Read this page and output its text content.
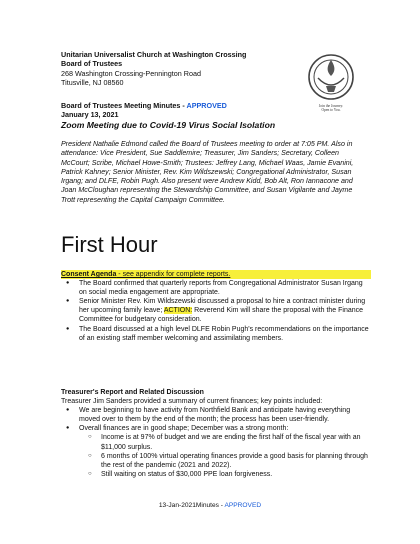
Unitarian Universalist Church at Washington Crossing
Board of Trustees
268 Washington Crossing-Pennington Road
Titusville, NJ 08560
Join the Journey.
Open to You.
Board of Trustees Meeting Minutes - APPROVED
January 13, 2021
Zoom Meeting due to Covid-19 Virus Social Isolation
President Nathalie Edmond called the Board of Trustees meeting to order at 7:05 PM. Also in attendance: Vice President, Sue Saddlemire; Treasurer, Jim Sanders; Secretary, Colleen McCourt; Scribe, Michael Howe-Smith; Trustees: Jeffrey Lang, Michael Waas, Jamie Evanini, Patrick Kahney; Senior Minister, Rev. Kim Wildszewski; Congregational Administrator, Susan Irgang; and DLFE, Robin Pugh. Also present were Andrew Kidd, Bob Alt, Ron Iannacone and Joan McCloughan representing the Stewardship Committee, and Susan Vigilante and Jayme Trott representing the Capital Campaign Committee.
First Hour
Consent Agenda - see appendix for complete reports.
● The Board confirmed that quarterly reports from Congregational Administrator Susan Irgang on social media engagement are appropriate.
● Senior Minister Rev. Kim Wildszewski discussed a proposal to hire a contract minister during her upcoming family leave; ACTION: Reverend Kim will share the proposal with the Finance Committee for budgetary consideration.
● The Board discussed at a high level DLFE Robin Pugh's recommendations on the importance of an existing staff member welcoming and assimilating members.
Treasurer's Report and Related Discussion
Treasurer Jim Sanders provided a summary of current finances; key points included:
● We are beginning to have activity from Northfield Bank and anticipate having everything moved over to them by the end of the month; the process has been user-friendly.
● Overall finances are in good shape; December was a strong month:
○ Income is at 97% of budget and we are ending the first half of the fiscal year with an $11,000 surplus.
○ 6 months of 100% virtual operating finances provide a good basis for planning through the rest of the pandemic (2021 and 2022).
○ Still waiting on status of $30,000 PPE loan forgiveness.
13-Jan-2021Minutes - APPROVED
